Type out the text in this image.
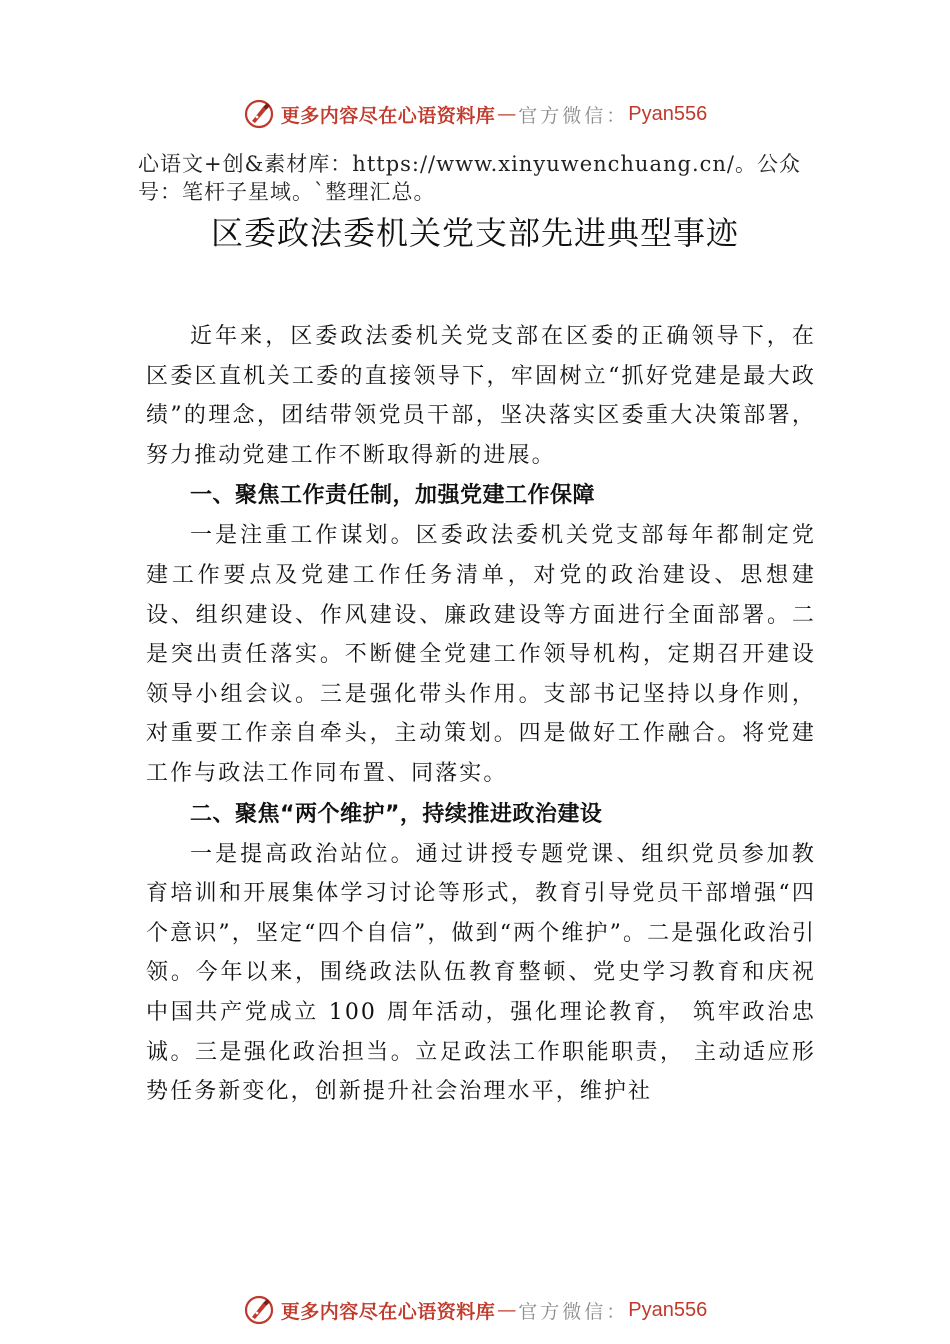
更多内容尽在心语资料库 — 官方微信： Pyan556
心语文+创&素材库：https://www.xinyuwenchuang.cn/。公众号：笔杆子星域。`整理汇总。
区委政法委机关党支部先进典型事迹

近年来，区委政法委机关党支部在区委的正确领导下，在区委区直机关工委的直接领导下，牢固树立“抓好党建是最大政绩”的理念，团结带领党员干部，坚决落实区委重大决策部署，努力推动党建工作不断取得新的进展。

一、聚焦工作责任制，加强党建工作保障

一是注重工作谋划。区委政法委机关党支部每年都制定党建工作要点及党建工作任务清单，对党的政治建设、思想建设、组织建设、作风建设、廉政建设等方面进行全面部署。二是突出责任落实。不断健全党建工作领导机构，定期召开建设领导小组会议。三是强化带头作用。支部书记坚持以身作则，对重要工作亲自牵头，主动策划。四是做好工作融合。将党建工作与政法工作同布置、同落实。

二、聚焦“两个维护”，持续推进政治建设

一是提高政治站位。通过讲授专题党课、组织党员参加教育培训和开展集体学习讨论等形式，教育引导党员干部增强“四个意识”，坚定“四个自信”，做到“两个维护”。二是强化政治引领。今年以来，围绕政法队伍教育整顿、党史学习教育和庆祝中国共产党成立 100 周年活动，强化理论教育， 筑牢政治忠诚。三是强化政治担当。立足政法工作职能职责， 主动适应形势任务新变化，创新提升社会治理水平，维护社

更多内容尽在心语资料库 — 官方微信： Pyan556
